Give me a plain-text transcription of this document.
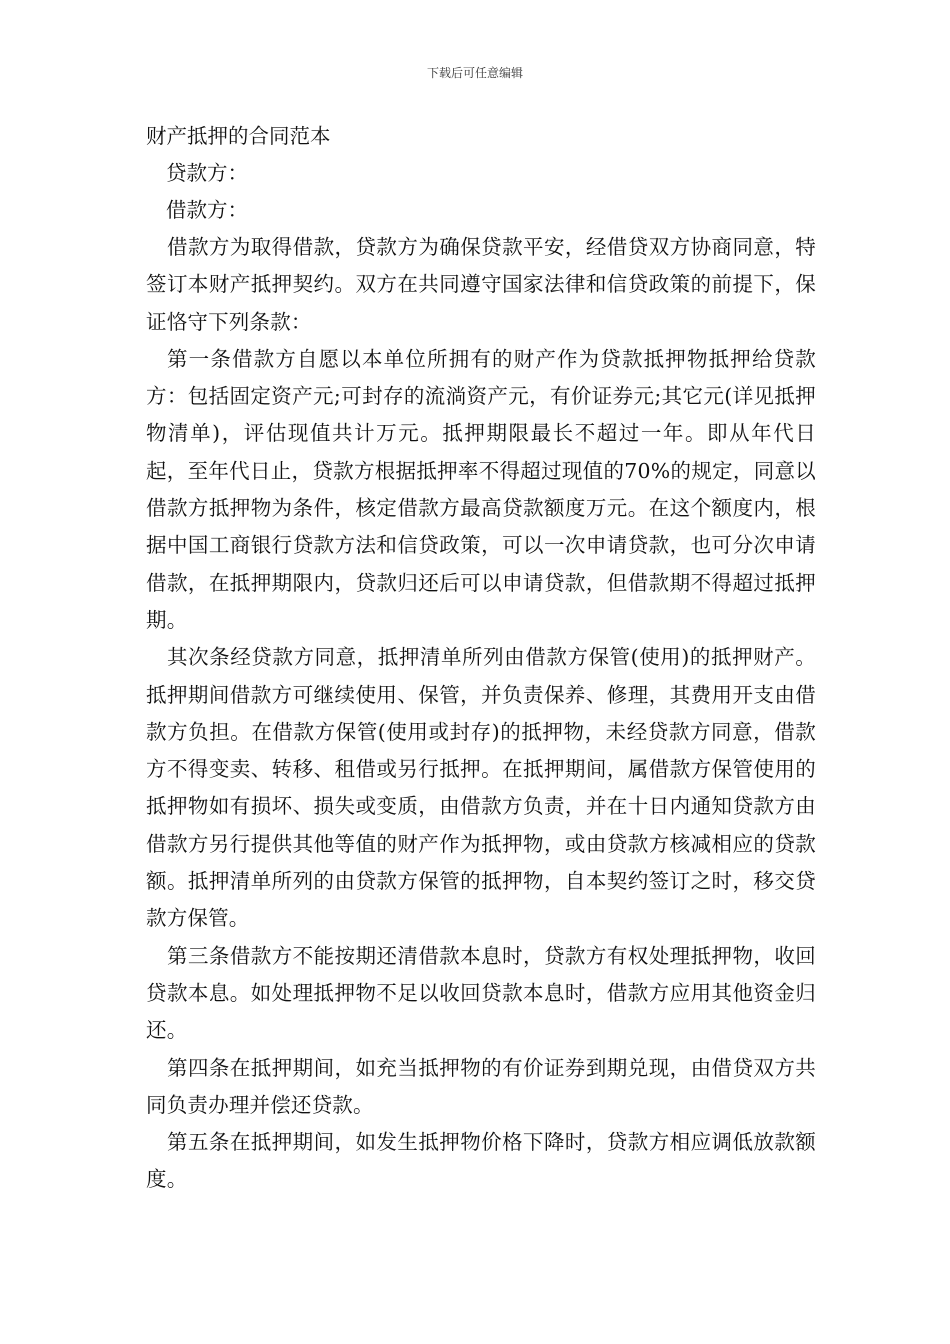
下载后可任意编辑
财产抵押的合同范本

贷款方：

借款方：

借款方为取得借款，贷款方为确保贷款平安，经借贷双方协商同意，特签订本财产抵押契约。双方在共同遵守国家法律和信贷政策的前提下，保证恪守下列条款：

第一条借款方自愿以本单位所拥有的财产作为贷款抵押物抵押给贷款方：包括固定资产元;可封存的流淌资产元，有价证券元;其它元(详见抵押物清单)，评估现值共计万元。抵押期限最长不超过一年。即从年代日起，至年代日止，贷款方根据抵押率不得超过现值的70%的规定，同意以借款方抵押物为条件，核定借款方最高贷款额度万元。在这个额度内，根据中国工商银行贷款方法和信贷政策，可以一次申请贷款，也可分次申请借款，在抵押期限内，贷款归还后可以申请贷款，但借款期不得超过抵押期。

其次条经贷款方同意，抵押清单所列由借款方保管(使用)的抵押财产。抵押期间借款方可继续使用、保管，并负责保养、修理，其费用开支由借款方负担。在借款方保管(使用或封存)的抵押物，未经贷款方同意，借款方不得变卖、转移、租借或另行抵押。在抵押期间，属借款方保管使用的抵押物如有损坏、损失或变质，由借款方负责，并在十日内通知贷款方由借款方另行提供其他等值的财产作为抵押物，或由贷款方核减相应的贷款额。抵押清单所列的由贷款方保管的抵押物，自本契约签订之时，移交贷款方保管。

第三条借款方不能按期还清借款本息时，贷款方有权处理抵押物，收回贷款本息。如处理抵押物不足以收回贷款本息时，借款方应用其他资金归还。

第四条在抵押期间，如充当抵押物的有价证券到期兑现，由借贷双方共同负责办理并偿还贷款。

第五条在抵押期间，如发生抵押物价格下降时，贷款方相应调低放款额度。
